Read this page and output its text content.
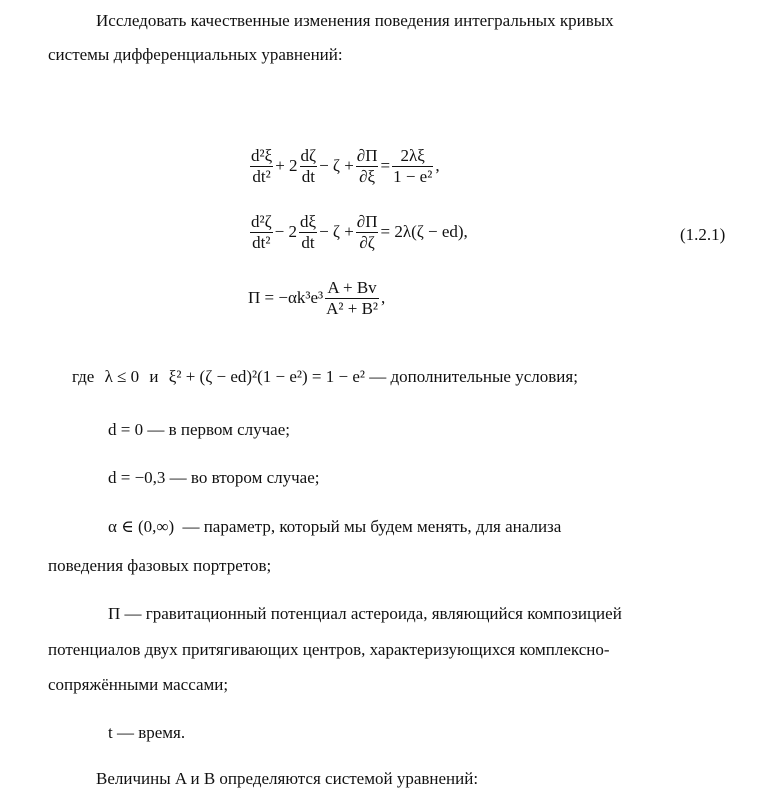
Исследовать качественные изменения поведения интегральных кривых
системы дифференциальных уравнений:
$\frac{\text{d²ξ}}{\text{dt²}} + 2 \frac{d\zeta}{dt} - \zeta + \frac{\partial\Pi}{\partial\xi} = \frac{2\lambda\xi}{\text{1 − e²}}$ ,
$\frac{\text{d²ζ}}{\text{dt²}} - 2 \frac{d\xi}{dt} - \zeta + \frac{\partial\Pi}{\partial\zeta} = 2\lambda(\zeta - ed)$,	(1.2.1)
$\Pi = -\alpha k^3e^3 \frac{A + Bv}{\text{A² + B²}}$ ,
где λ ≤ 0 и ξ² + (ζ − ed)²(1 − e²) = 1 − e² — дополнительные условия;
d = 0 — в первом случае;
d = −0,3 — во втором случае;
α ∈ (0,∞) — параметр, который мы будем менять, для анализа
поведения фазовых портретов;
П — гравитационный потенциал астероида, являющийся композицией
потенциалов двух притягивающих центров, характеризующихся комплексно-
сопряжёнными массами;
t — время.
Величины A и B определяются системой уравнений:
